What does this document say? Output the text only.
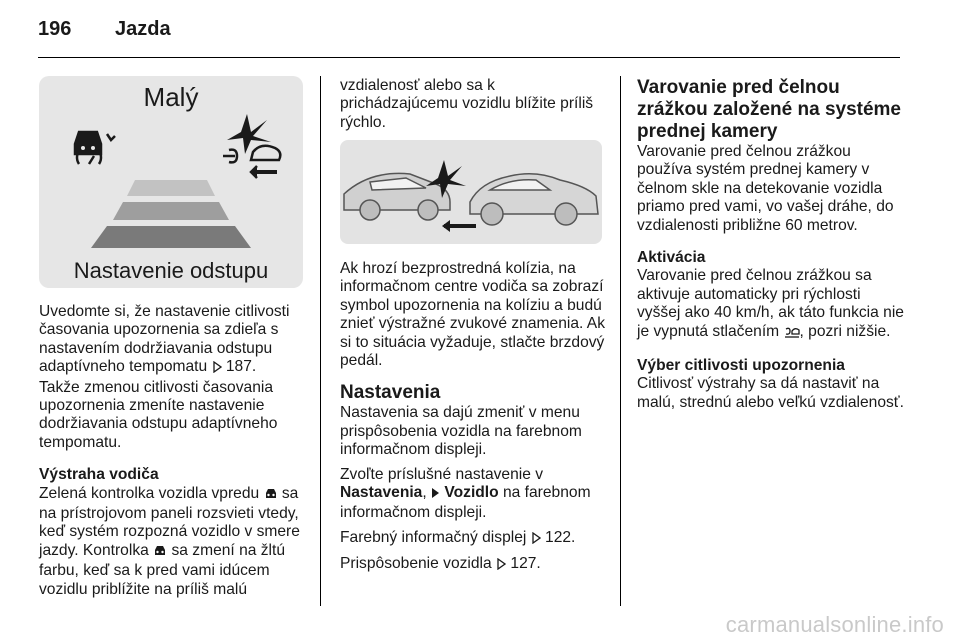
196 Jazda
Malý
Nastavenie odstupu

Uvedomte si, že nastavenie citlivosti časovania upozornenia sa zdieľa s nastavením dodržiavania odstupu adaptívneho tempomatu 187.

Takže zmenou citlivosti časovania upozornenia zmeníte nastavenie dodržiavania odstupu adaptívneho tempomatu.

Výstraha vodiča

Zelená kontrolka vozidla vpredu sa na prístrojovom paneli rozsvieti vtedy, keď systém rozpozná vozidlo v smere jazdy. Kontrolka sa zmení na žltú farbu, keď sa k pred vami idúcem vozidlu priblížite na príliš malú

vzdialenosť alebo sa k prichádzajúcemu vozidlu blížite príliš rýchlo.

Ak hrozí bezprostredná kolízia, na informačnom centre vodiča sa zobrazí symbol upozornenia na kolíziu a budú znieť výstražné zvukové znamenia. Ak si to situácia vyžaduje, stlačte brzdový pedál.

Nastavenia

Nastavenia sa dajú zmeniť v menu prispôsobenia vozidla na farebnom informačnom displeji.

Zvoľte príslušné nastavenie v Nastavenia,  Vozidlo na farebnom informačnom displeji.

Farebný informačný displej 122.

Prispôsobenie vozidla 127.

Varovanie pred čelnou zrážkou založené na systéme prednej kamery

Varovanie pred čelnou zrážkou používa systém prednej kamery v čelnom skle na detekovanie vozidla priamo pred vami, vo vašej dráhe, do vzdialenosti približne 60 metrov.

Aktivácia

Varovanie pred čelnou zrážkou sa aktivuje automaticky pri rýchlosti vyššej ako 40 km/h, ak táto funkcia nie je vypnutá stlačením , pozri nižšie.

Výber citlivosti upozornenia

Citlivosť výstrahy sa dá nastaviť na malú, strednú alebo veľkú vzdialenosť.

carmanualsonline.info
